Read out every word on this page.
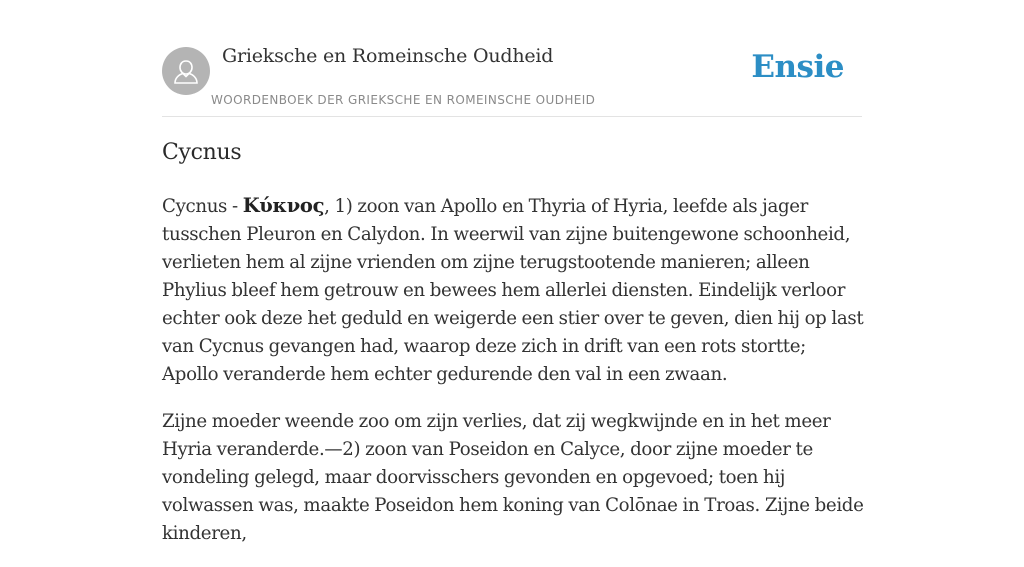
Grieksche en Romeinsche Oudheid
WOORDENBOEK DER GRIEKSCHE EN ROMEINSCHE OUDHEID
Ensie
Cycnus

Cycnus - Κύκνος, 1) zoon van Apollo en Thyria of Hyria, leefde als jager tusschen Pleuron en Calydon. In weerwil van zijne buitengewone schoonheid, verlieten hem al zijne vrienden om zijne terugstootende manieren; alleen Phylius bleef hem getrouw en bewees hem allerlei diensten. Eindelijk verloor echter ook deze het geduld en weigerde een stier over te geven, dien hij op last van Cycnus gevangen had, waarop deze zich in drift van een rots stortte; Apollo veranderde hem echter gedurende den val in een zwaan.

Zijne moeder weende zoo om zijn verlies, dat zij wegkwijnde en in het meer Hyria veranderde.—2) zoon van Poseidon en Calyce, door zijne moeder te vondeling gelegd, maar doorvisschers gevonden en opgevoed; toen hij volwassen was, maakte Poseidon hem koning van Colōnae in Troas. Zijne beide kinderen,
